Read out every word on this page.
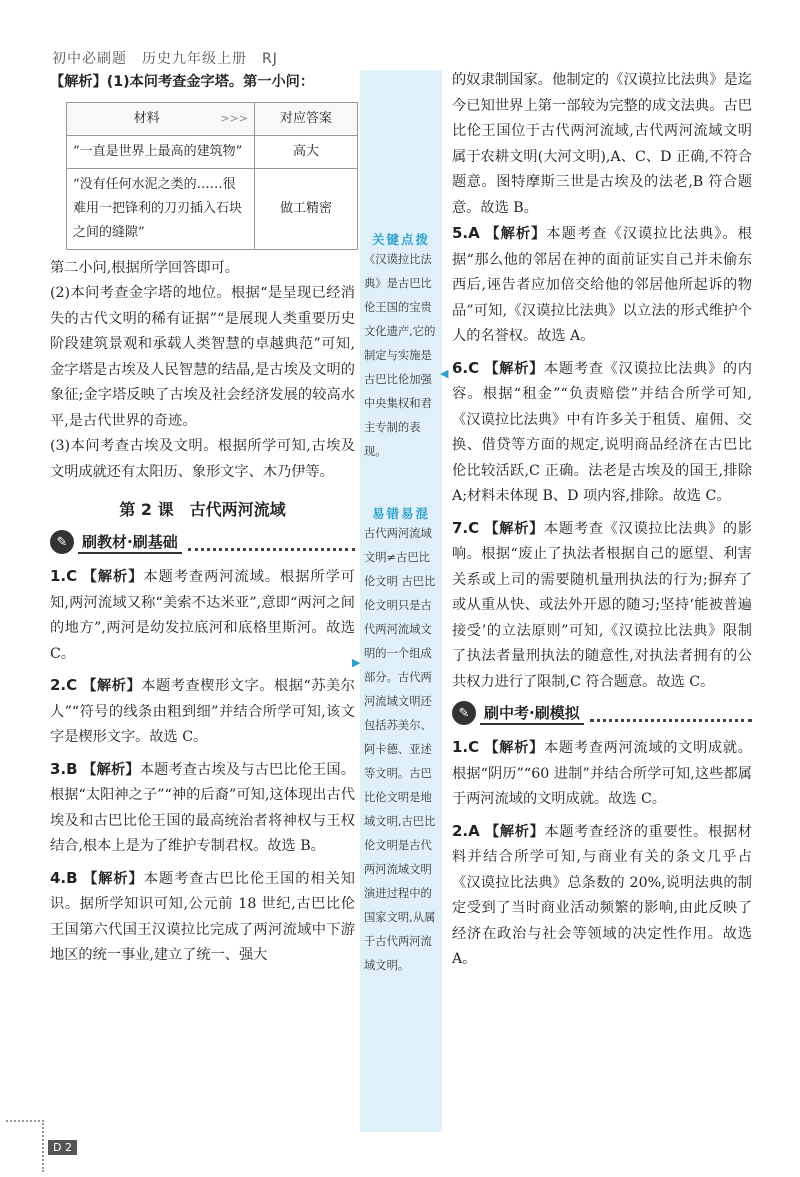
初中必刷题　历史九年级上册　RJ

【解析】(1)本问考查金字塔。第一小问：

材料 >>>	对应答案
“一直是世界上最高的建筑物”	高大
“没有任何水泥之类的……很难用一把锋利的刀刃插入石块之间的缝隙”	做工精密

第二小问,根据所学回答即可。

(2)本问考查金字塔的地位。根据“是呈现已经消失的古代文明的稀有证据”“是展现人类重要历史阶段建筑景观和承载人类智慧的卓越典范”可知,金字塔是古埃及人民智慧的结晶,是古埃及文明的象征;金字塔反映了古埃及社会经济发展的较高水平,是古代世界的奇迹。

(3)本问考查古埃及文明。根据所学可知,古埃及文明成就还有太阳历、象形文字、木乃伊等。

第 2 课　古代两河流域
✎ 刷教材·刷基础

1.C 【解析】本题考查两河流域。根据所学可知,两河流域又称“美索不达米亚”,意即“两河之间的地方”,两河是幼发拉底河和底格里斯河。故选 C。

2.C 【解析】本题考查楔形文字。根据“苏美尔人”“符号的线条由粗到细”并结合所学可知,该文字是楔形文字。故选 C。

3.B 【解析】本题考查古埃及与古巴比伦王国。根据“太阳神之子”“神的后裔”可知,这体现出古代埃及和古巴比伦王国的最高统治者将神权与王权结合,根本上是为了维护专制君权。故选 B。

4.B 【解析】本题考查古巴比伦王国的相关知识。据所学知识可知,公元前 18 世纪,古巴比伦王国第六代国王汉谟拉比完成了两河流域中下游地区的统一事业,建立了统一、强大

关键点拨
《汉谟拉比法典》是古巴比伦王国的宝贵文化遗产,它的制定与实施是古巴比伦加强中央集权和君主专制的表现。
易错易混
古代两河流域文明≠古巴比伦文明 古巴比伦文明只是古代两河流域文明的一个组成部分。古代两河流域文明还包括苏美尔、阿卡德、亚述等文明。古巴比伦文明是地域文明,古巴比伦文明是古代两河流域文明演进过程中的国家文明,从属于古代两河流域文明。
◀
▶

的奴隶制国家。他制定的《汉谟拉比法典》是迄今已知世界上第一部较为完整的成文法典。古巴比伦王国位于古代两河流域,古代两河流域文明属于农耕文明(大河文明),A、C、D 正确,不符合题意。图特摩斯三世是古埃及的法老,B 符合题意。故选 B。

5.A 【解析】本题考查《汉谟拉比法典》。根据“那么他的邻居在神的面前证实自己并未偷东西后,诬告者应加倍交给他的邻居他所起诉的物品”可知,《汉谟拉比法典》以立法的形式维护个人的名誉权。故选 A。

6.C 【解析】本题考查《汉谟拉比法典》的内容。根据“租金”“负责赔偿”并结合所学可知,《汉谟拉比法典》中有许多关于租赁、雇佣、交换、借贷等方面的规定,说明商品经济在古巴比伦比较活跃,C 正确。法老是古埃及的国王,排除 A;材料未体现 B、D 项内容,排除。故选 C。

7.C 【解析】本题考查《汉谟拉比法典》的影响。根据“废止了执法者根据自己的愿望、利害关系或上司的需要随机量刑执法的行为;摒弃了或从重从快、或法外开恩的随习;坚持‘能被普遍接受’的立法原则”可知,《汉谟拉比法典》限制了执法者量刑执法的随意性,对执法者拥有的公共权力进行了限制,C 符合题意。故选 C。

✎ 刷中考·刷模拟

1.C 【解析】本题考查两河流域的文明成就。根据“阴历”“60 进制”并结合所学可知,这些都属于两河流域的文明成就。故选 C。

2.A 【解析】本题考查经济的重要性。根据材料并结合所学可知,与商业有关的条文几乎占《汉谟拉比法典》总条数的 20%,说明法典的制定受到了当时商业活动频繁的影响,由此反映了经济在政治与社会等领域的决定性作用。故选 A。

D 2
